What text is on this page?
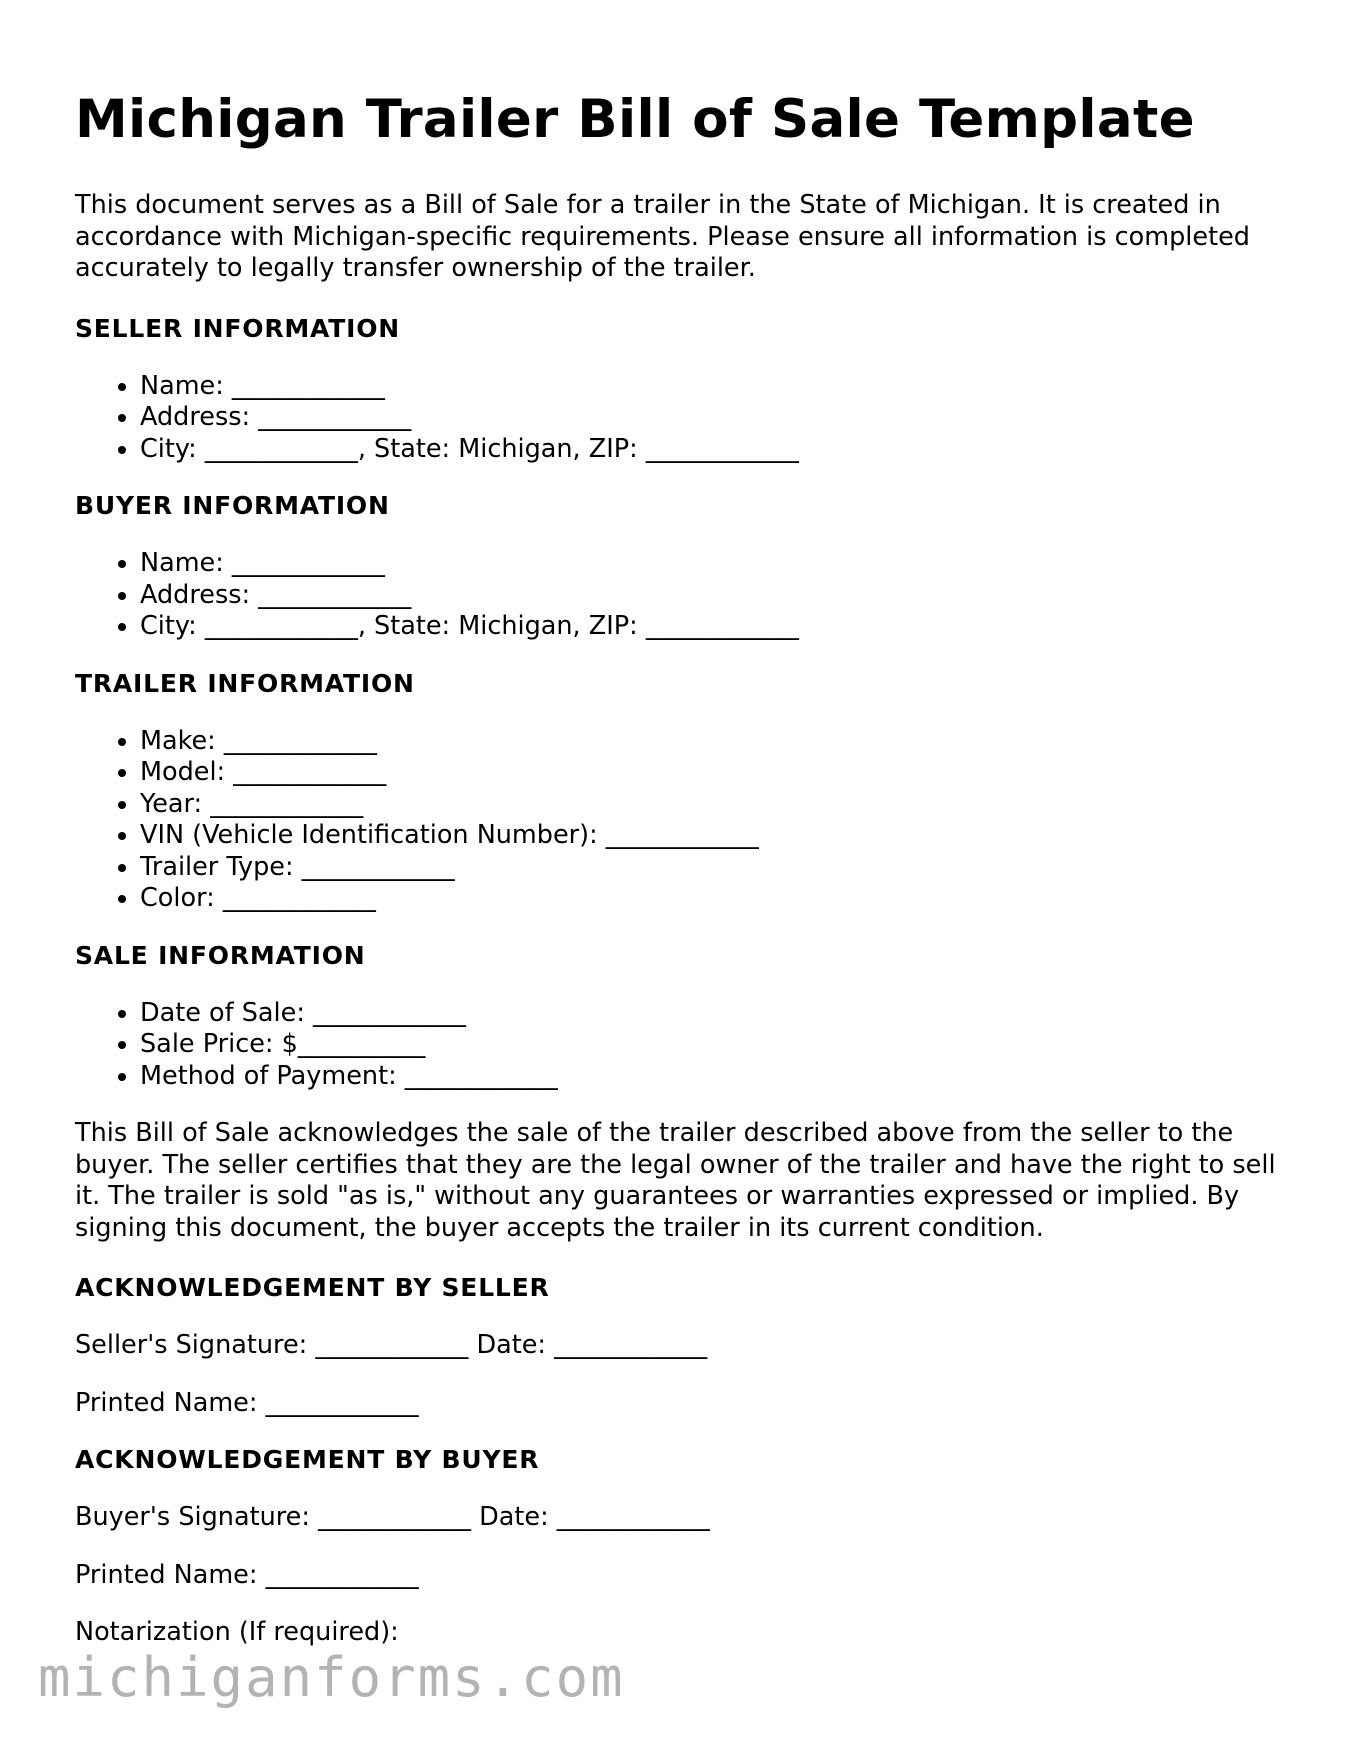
Michigan Trailer Bill of Sale Template

This document serves as a Bill of Sale for a trailer in the State of Michigan. It is created in accordance with Michigan-specific requirements. Please ensure all information is completed accurately to legally transfer ownership of the trailer.

SELLER INFORMATION
• Name: ____________
• Address: ____________
• City: ____________, State: Michigan, ZIP: ____________
BUYER INFORMATION
• Name: ____________
• Address: ____________
• City: ____________, State: Michigan, ZIP: ____________
TRAILER INFORMATION
• Make: ____________
• Model: ____________
• Year: ____________
• VIN (Vehicle Identification Number): ____________
• Trailer Type: ____________
• Color: ____________
SALE INFORMATION
• Date of Sale: ____________
• Sale Price: $__________
• Method of Payment: ____________

This Bill of Sale acknowledges the sale of the trailer described above from the seller to the buyer. The seller certifies that they are the legal owner of the trailer and have the right to sell it. The trailer is sold "as is," without any guarantees or warranties expressed or implied. By signing this document, the buyer accepts the trailer in its current condition.

ACKNOWLEDGEMENT BY SELLER
Seller's Signature: ____________ Date: ____________
Printed Name: ____________
ACKNOWLEDGEMENT BY BUYER
Buyer's Signature: ____________ Date: ____________
Printed Name: ____________
Notarization (If required):
michiganforms.com
